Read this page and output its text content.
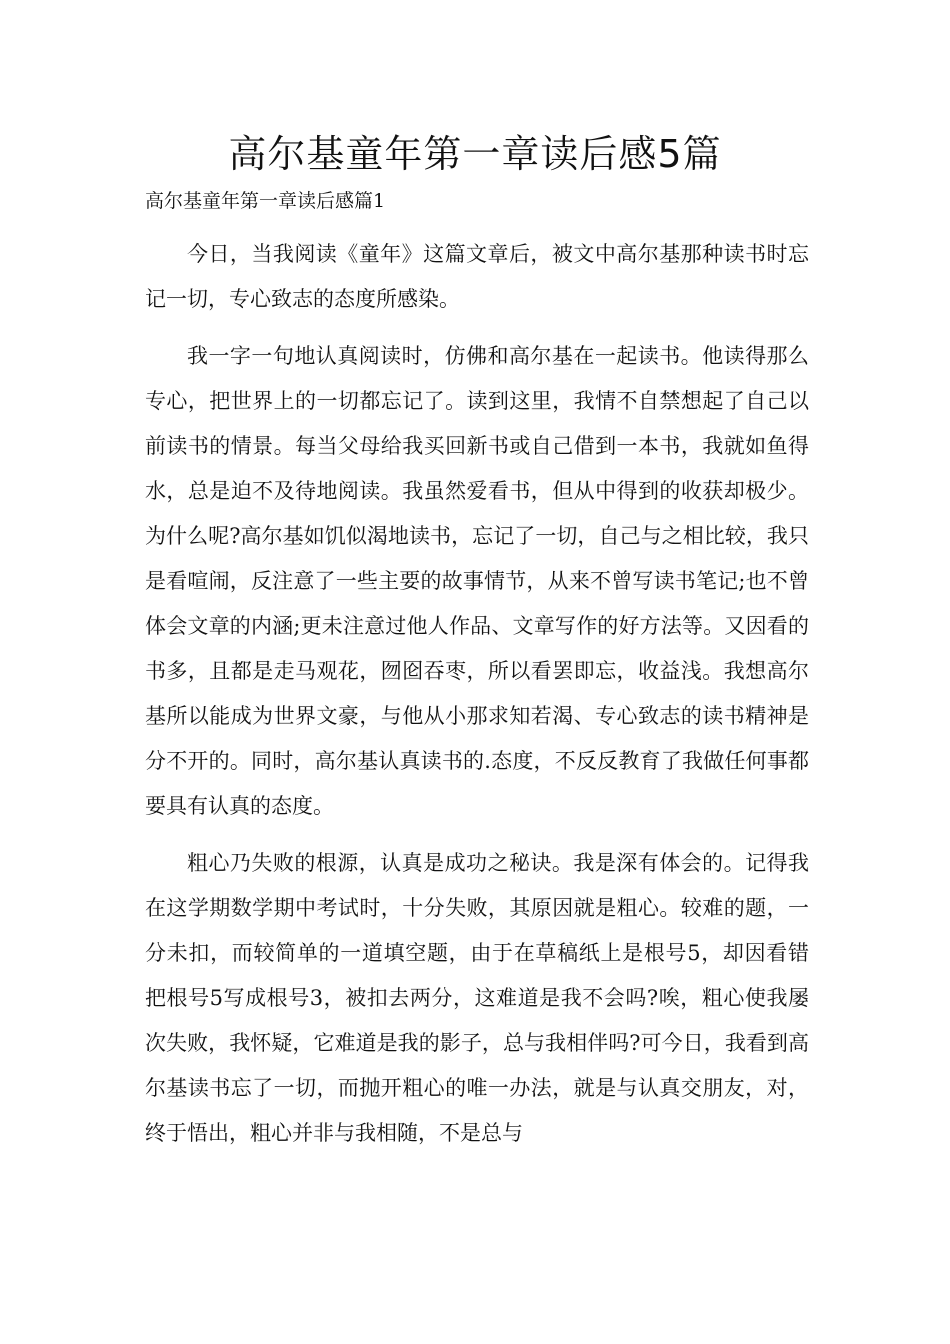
高尔基童年第一章读后感5篇
高尔基童年第一章读后感篇1

今日，当我阅读《童年》这篇文章后，被文中高尔基那种读书时忘记一切，专心致志的态度所感染。

我一字一句地认真阅读时，仿佛和高尔基在一起读书。他读得那么专心，把世界上的一切都忘记了。读到这里，我情不自禁想起了自己以前读书的情景。每当父母给我买回新书或自己借到一本书，我就如鱼得水，总是迫不及待地阅读。我虽然爱看书，但从中得到的收获却极少。为什么呢?高尔基如饥似渴地读书，忘记了一切，自己与之相比较，我只是看喧闹，反注意了一些主要的故事情节，从来不曾写读书笔记;也不曾体会文章的内涵;更未注意过他人作品、文章写作的好方法等。又因看的书多，且都是走马观花，囫囵吞枣，所以看罢即忘，收益浅。我想高尔基所以能成为世界文豪，与他从小那求知若渴、专心致志的读书精神是分不开的。同时，高尔基认真读书的.态度，不反反教育了我做任何事都要具有认真的态度。

粗心乃失败的根源，认真是成功之秘诀。我是深有体会的。记得我在这学期数学期中考试时，十分失败，其原因就是粗心。较难的题，一分未扣，而较简单的一道填空题，由于在草稿纸上是根号5，却因看错把根号5写成根号3，被扣去两分，这难道是我不会吗?唉，粗心使我屡次失败，我怀疑，它难道是我的影子，总与我相伴吗?可今日，我看到高尔基读书忘了一切，而抛开粗心的唯一办法，就是与认真交朋友，对，终于悟出，粗心并非与我相随，不是总与
